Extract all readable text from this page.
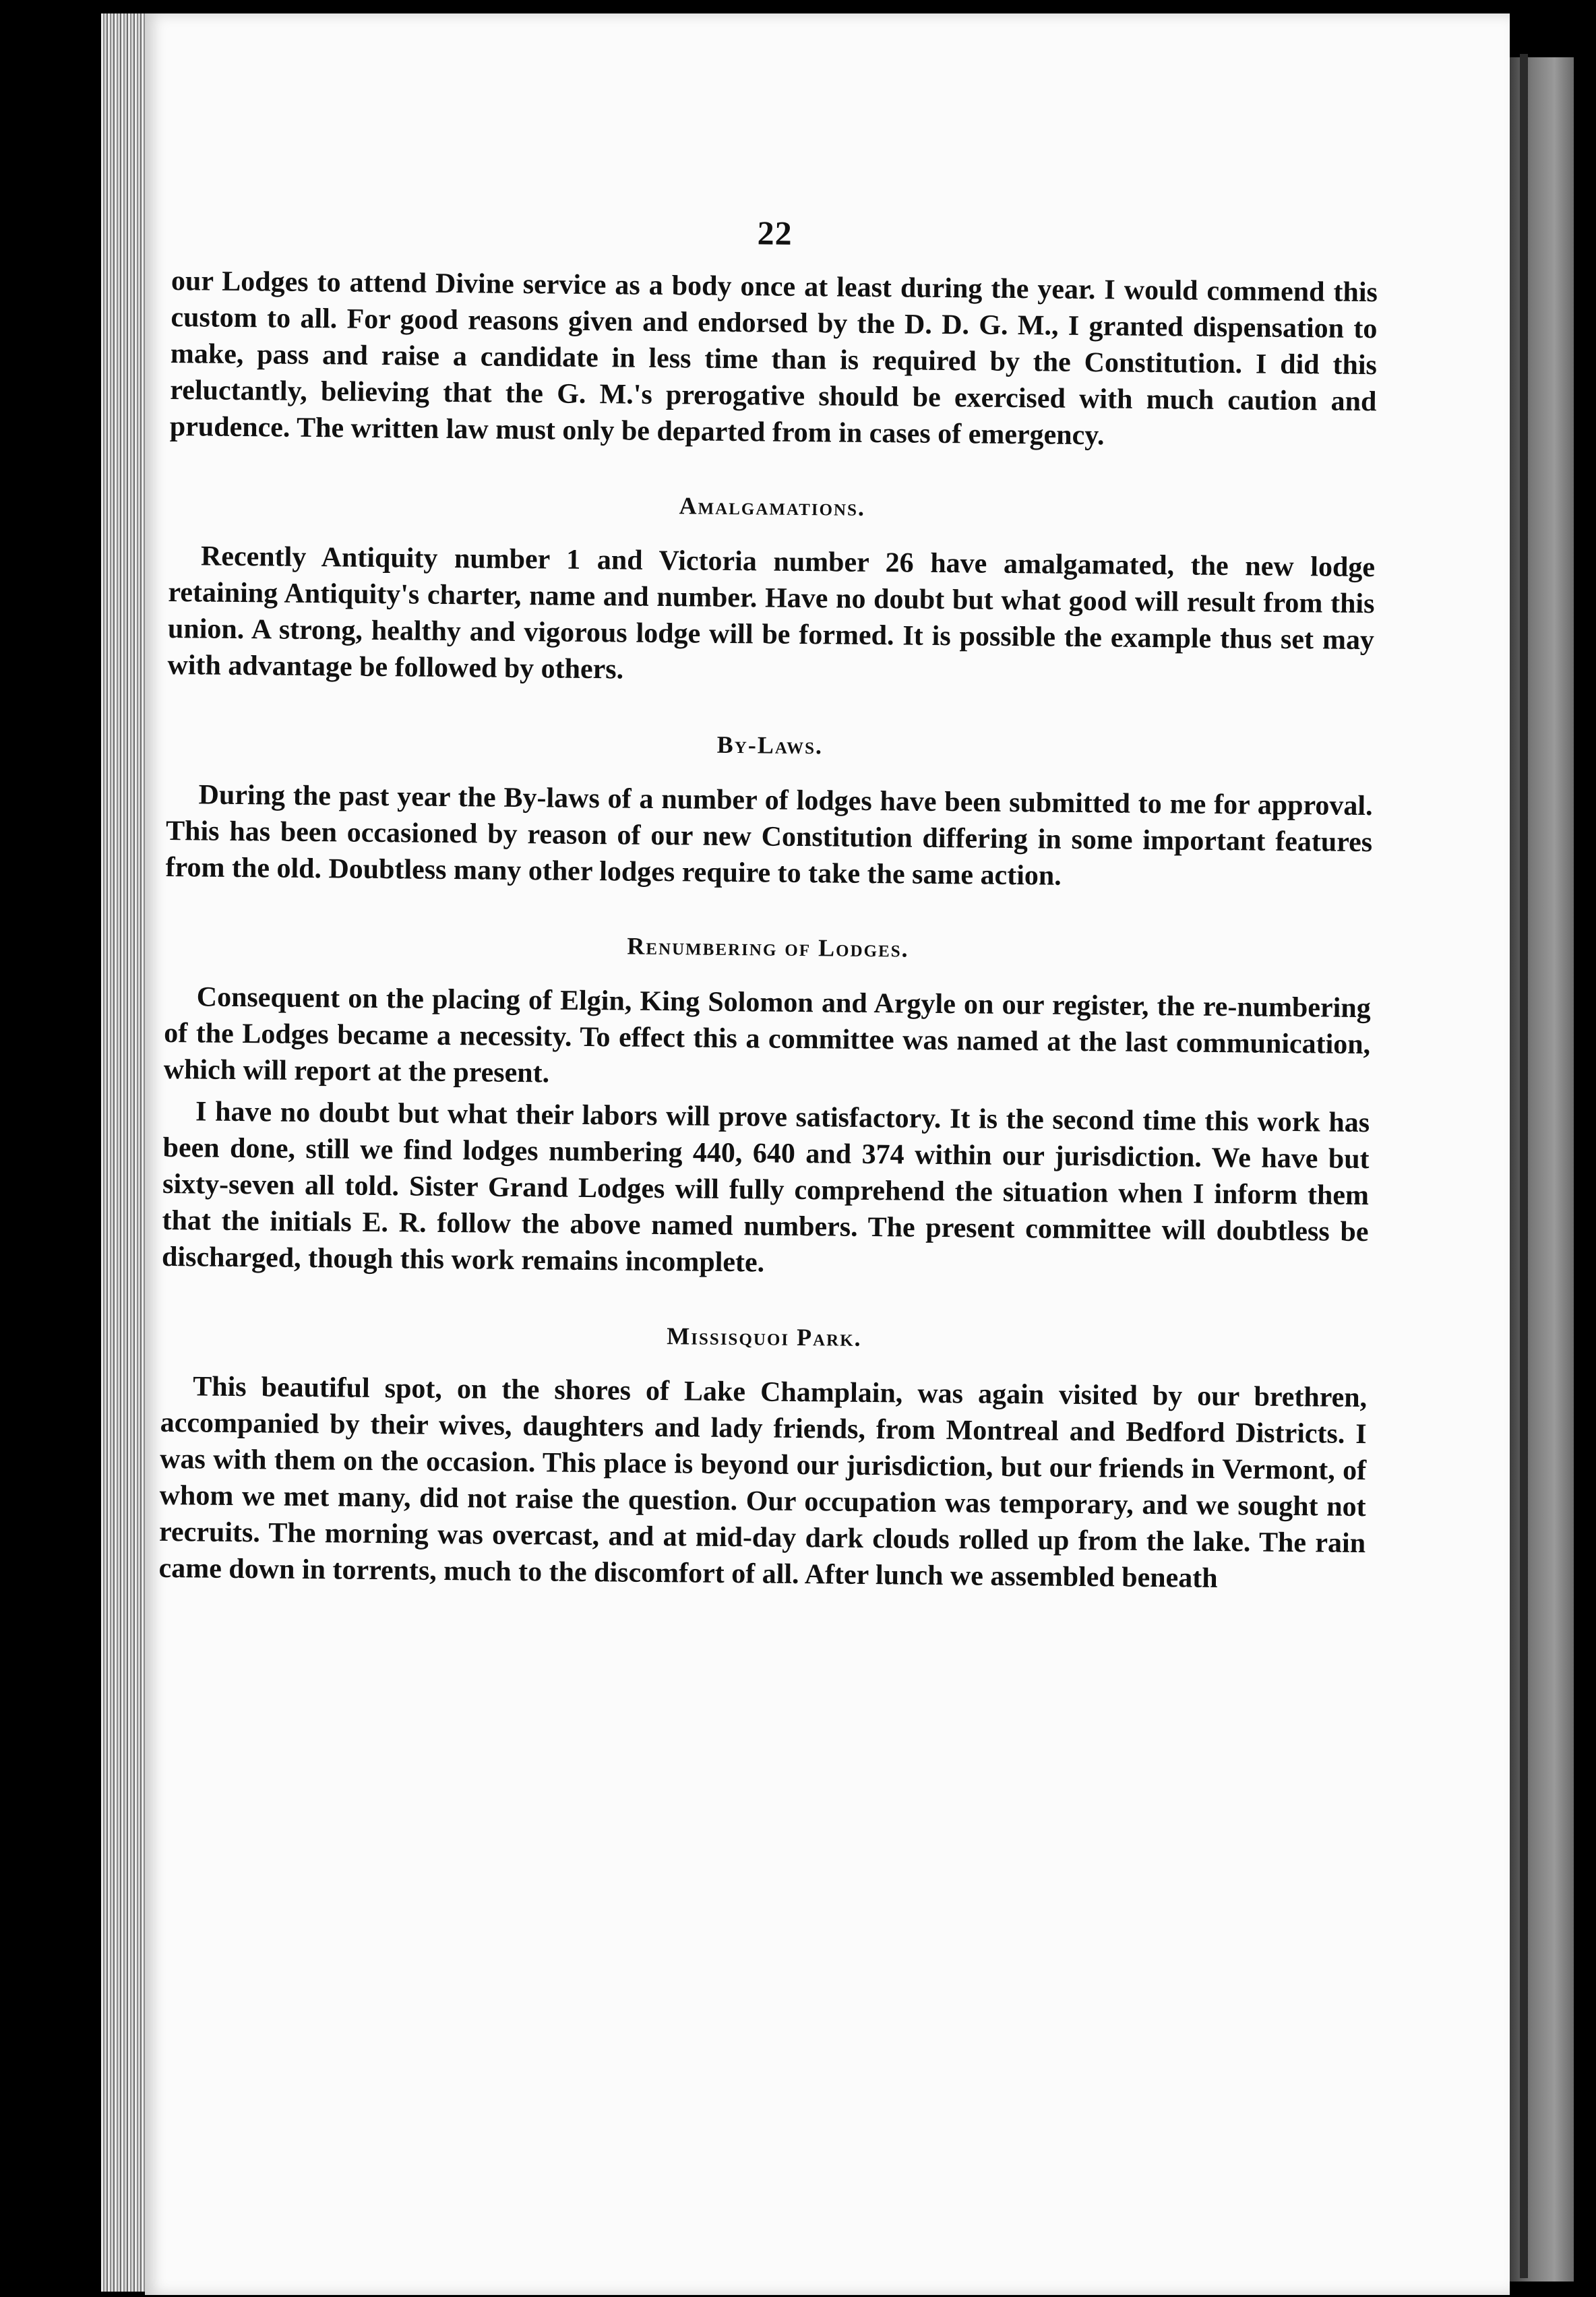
22

our Lodges to attend Divine service as a body once at least during the year. I would commend this custom to all. For good reasons given and endorsed by the D. D. G. M., I granted dispensation to make, pass and raise a candidate in less time than is required by the Constitution. I did this reluctantly, believing that the G. M.'s prerogative should be exercised with much caution and prudence. The written law must only be departed from in cases of emergency.

Amalgamations.

Recently Antiquity number 1 and Victoria number 26 have amalgamated, the new lodge retaining Antiquity's charter, name and number. Have no doubt but what good will result from this union. A strong, healthy and vigorous lodge will be formed. It is possible the example thus set may with advantage be followed by others.

By-Laws.

During the past year the By-laws of a number of lodges have been submitted to me for approval. This has been occasioned by reason of our new Constitution differing in some important features from the old. Doubtless many other lodges require to take the same action.

Renumbering of Lodges.

Consequent on the placing of Elgin, King Solomon and Argyle on our register, the re-numbering of the Lodges became a necessity. To effect this a committee was named at the last communication, which will report at the present.

I have no doubt but what their labors will prove satisfactory. It is the second time this work has been done, still we find lodges numbering 440, 640 and 374 within our jurisdiction. We have but sixty-seven all told. Sister Grand Lodges will fully comprehend the situation when I inform them that the initials E. R. follow the above named numbers. The present committee will doubtless be discharged, though this work remains incomplete.

Missisquoi Park.

This beautiful spot, on the shores of Lake Champlain, was again visited by our brethren, accompanied by their wives, daughters and lady friends, from Montreal and Bedford Districts. I was with them on the occasion. This place is beyond our jurisdiction, but our friends in Vermont, of whom we met many, did not raise the question. Our occupation was temporary, and we sought not recruits. The morning was overcast, and at mid-day dark clouds rolled up from the lake. The rain came down in torrents, much to the discomfort of all. After lunch we assembled beneath
